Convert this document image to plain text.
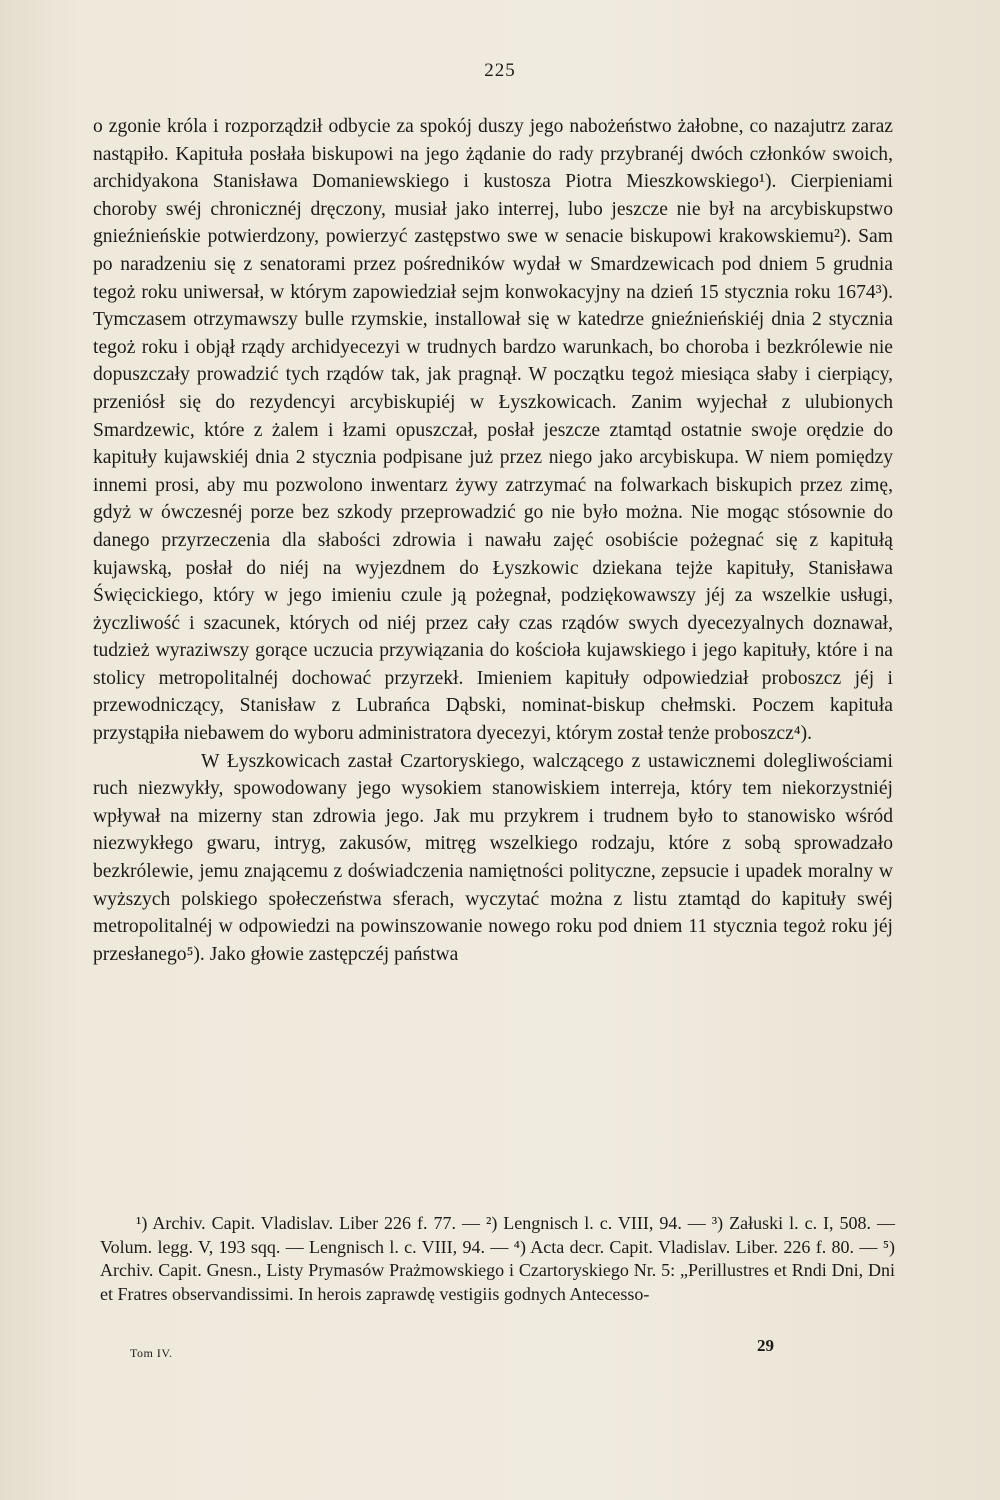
225

o zgonie króla i rozporządził odbycie za spokój duszy jego nabożeństwo żałobne, co nazajutrz zaraz nastąpiło. Kapituła posłała biskupowi na jego żądanie do rady przybranéj dwóch członków swoich, archidyakona Stanisława Domaniewskiego i kustosza Piotra Mieszkowskiego¹). Cierpieniami choroby swéj chronicznéj dręczony, musiał jako interrej, lubo jeszcze nie był na arcybiskupstwo gnieźnieńskie potwierdzony, powierzyć zastępstwo swe w senacie biskupowi krakowskiemu²). Sam po naradzeniu się z senatorami przez pośredników wydał w Smardzewicach pod dniem 5 grudnia tegoż roku uniwersał, w którym zapowiedział sejm konwokacyjny na dzień 15 stycznia roku 1674³). Tymczasem otrzymawszy bulle rzymskie, installował się w katedrze gnieźnieńskiéj dnia 2 stycznia tegoż roku i objął rządy archidyecezyi w trudnych bardzo warunkach, bo choroba i bezkrólewie nie dopuszczały prowadzić tych rządów tak, jak pragnął. W początku tegoż miesiąca słaby i cierpiący, przeniósł się do rezydencyi arcybiskupiéj w Łyszkowicach. Zanim wyjechał z ulubionych Smardzewic, które z żalem i łzami opuszczał, posłał jeszcze ztamtąd ostatnie swoje orędzie do kapituły kujawskiéj dnia 2 stycznia podpisane już przez niego jako arcybiskupa. W niem pomiędzy innemi prosi, aby mu pozwolono inwentarz żywy zatrzymać na folwarkach biskupich przez zimę, gdyż w ówczesnéj porze bez szkody przeprowadzić go nie było można. Nie mogąc stósownie do danego przyrzeczenia dla słabości zdrowia i nawału zajęć osobiście pożegnać się z kapitułą kujawską, posłał do niéj na wyjezdnem do Łyszkowic dziekana tejże kapituły, Stanisława Święcickiego, który w jego imieniu czule ją pożegnał, podziękowawszy jéj za wszelkie usługi, życzliwość i szacunek, których od niéj przez cały czas rządów swych dyecezyalnych doznawał, tudzież wyraziwszy gorące uczucia przywiązania do kościoła kujawskiego i jego kapituły, które i na stolicy metropolitalnéj dochować przyrzekł. Imieniem kapituły odpowiedział proboszcz jéj i przewodniczący, Stanisław z Lubrańca Dąbski, nominat-biskup chełmski. Poczem kapituła przystąpiła niebawem do wyboru administratora dyecezyi, którym został tenże proboszcz⁴).

W Łyszkowicach zastał Czartoryskiego, walczącego z ustawicznemi dolegliwościami ruch niezwykły, spowodowany jego wysokiem stanowiskiem interreja, który tem niekorzystniéj wpływał na mizerny stan zdrowia jego. Jak mu przykrem i trudnem było to stanowisko wśród niezwykłego gwaru, intryg, zakusów, mitręg wszelkiego rodzaju, które z sobą sprowadzało bezkrólewie, jemu znającemu z doświadczenia namiętności polityczne, zepsucie i upadek moralny w wyższych polskiego społeczeństwa sferach, wyczytać można z listu ztamtąd do kapituły swéj metropolitalnéj w odpowiedzi na powinszowanie nowego roku pod dniem 11 stycznia tegoż roku jéj przesłanego⁵). Jako głowie zastępczéj państwa

¹) Archiv. Capit. Vladislav. Liber 226 f. 77. — ²) Lengnisch l. c. VIII, 94. — ³) Załuski l. c. I, 508. — Volum. legg. V, 193 sqq. — Lengnisch l. c. VIII, 94. — ⁴) Acta decr. Capit. Vladislav. Liber. 226 f. 80. — ⁵) Archiv. Capit. Gnesn., Listy Prymasów Prażmowskiego i Czartoryskiego Nr. 5: „Perillustres et Rndi Dni, Dni et Fratres observandissimi. In herois zaprawdę vestigiis godnych Antecesso-

29
Tom IV.
